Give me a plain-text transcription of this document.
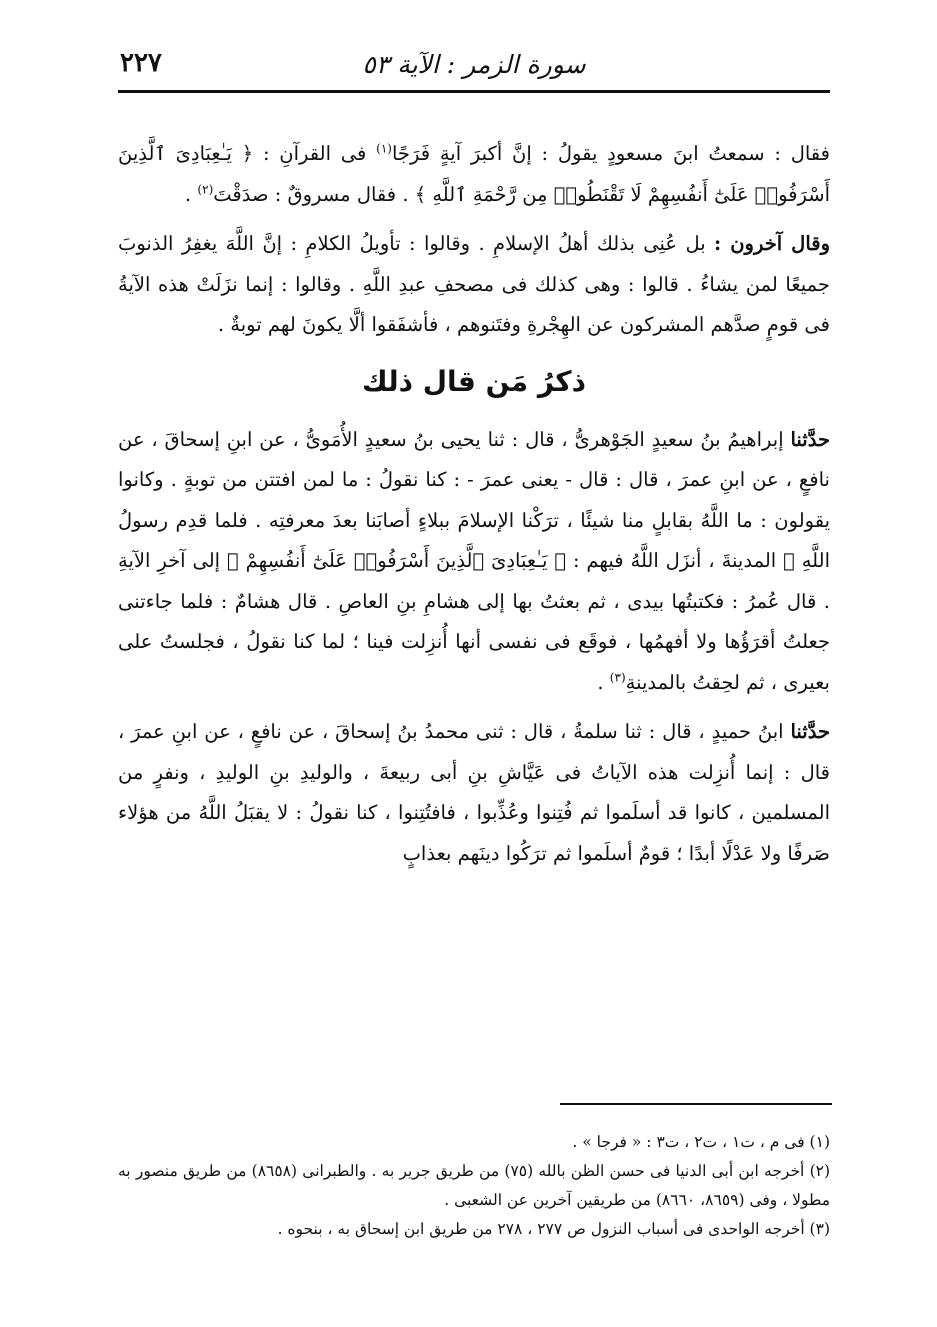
٢٢٧	سورة الزمر : الآية ٥٣

فقال : سمعتُ ابنَ مسعودٍ يقولُ : إنَّ أكبرَ آيةٍ فَرَجًا$^{(١)}$ فى القرآنِ : ﴿ يَـٰعِبَادِىَ ٱلَّذِينَ أَسْرَفُوا۟ عَلَىٰٓ أَنفُسِهِمْ لَا تَقْنَطُوا۟ مِن رَّحْمَةِ ٱللَّهِ ﴾ . فقال مسروقٌ : صدَقْتَ$^{(٢)}$ .

وقال آخرون : بل عُنِى بذلك أهلُ الإسلامِ . وقالوا : تأويلُ الكلامِ : إنَّ اللَّهَ يغفِرُ الذنوبَ جميعًا لمن يشاءُ . قالوا : وهى كذلك فى مصحفِ عبدِ اللَّهِ . وقالوا : إنما نزَلَتْ هذه الآيةُ فى قومٍ صدَّهم المشركون عن الهِجْرةِ وفتَنوهم ، فأشفَقوا ألَّا يكونَ لهم توبةٌ .

ذكرُ مَن قال ذلك

حدَّثنا إبراهيمُ بنُ سعيدٍ الجَوْهرىُّ ، قال : ثنا يحيى بنُ سعيدٍ الأُمَوىُّ ، عن ابنِ إسحاقَ ، عن نافعٍ ، عن ابنِ عمرَ ، قال : قال - يعنى عمرَ - : كنا نقولُ : ما لمن افتتن من توبةٍ . وكانوا يقولون : ما اللَّهُ بقابلٍ منا شيئًا ، ترَكْنا الإسلامَ ببلاءٍ أصابَنا بعدَ معرفتِه . فلما قدِم رسولُ اللَّهِ ﷺ المدينةَ ، أنزَل اللَّهُ فيهم : ﴿ يَـٰعِبَادِىَ ٱلَّذِينَ أَسْرَفُوا۟ عَلَىٰٓ أَنفُسِهِمْ ﴾ إلى آخرِ الآيةِ . قال عُمرُ : فكتبتُها بيدى ، ثم بعثتُ بها إلى هشامِ بنِ العاصِ . قال هشامٌ : فلما جاءتنى جعلتُ أقرَؤُها ولا أفهمُها ، فوقَع فى نفسى أنها أُنزِلت فينا ؛ لما كنا نقولُ ، فجلستُ على بعيرى ، ثم لحِقتُ بالمدينةِ$^{(٣)}$ .

حدَّثنا ابنُ حميدٍ ، قال : ثنا سلمةُ ، قال : ثنى محمدُ بنُ إسحاقَ ، عن نافعٍ ، عن ابنِ عمرَ ، قال : إنما أُنزِلت هذه الآياتُ فى عَيَّاشِ بنِ أبى ربيعةَ ، والوليدِ بنِ الوليدِ ، ونفرٍ من المسلمين ، كانوا قد أسلَموا ثم فُتِنوا وعُذِّبوا ، فافتُتِنوا ، كنا نقولُ : لا يقبَلُ اللَّهُ من هؤلاء صَرفًا ولا عَدْلًا أبدًا ؛ قومٌ أسلَموا ثم ترَكُوا دينَهم بعذابٍ

(١) فى م ، ت١ ، ت٢ ، ت٣ : « فرجا » .

(٢) أخرجه ابن أبى الدنيا فى حسن الظن بالله (٧٥) من طريق جرير به . والطبرانى (٨٦٥٨) من طريق منصور به مطولا ، وفى (٨٦٥٩، ٨٦٦٠) من طريقين آخرين عن الشعبى .

(٣) أخرجه الواحدى فى أسباب النزول ص ٢٧٧ ، ٢٧٨ من طريق ابن إسحاق به ، بنحوه .
